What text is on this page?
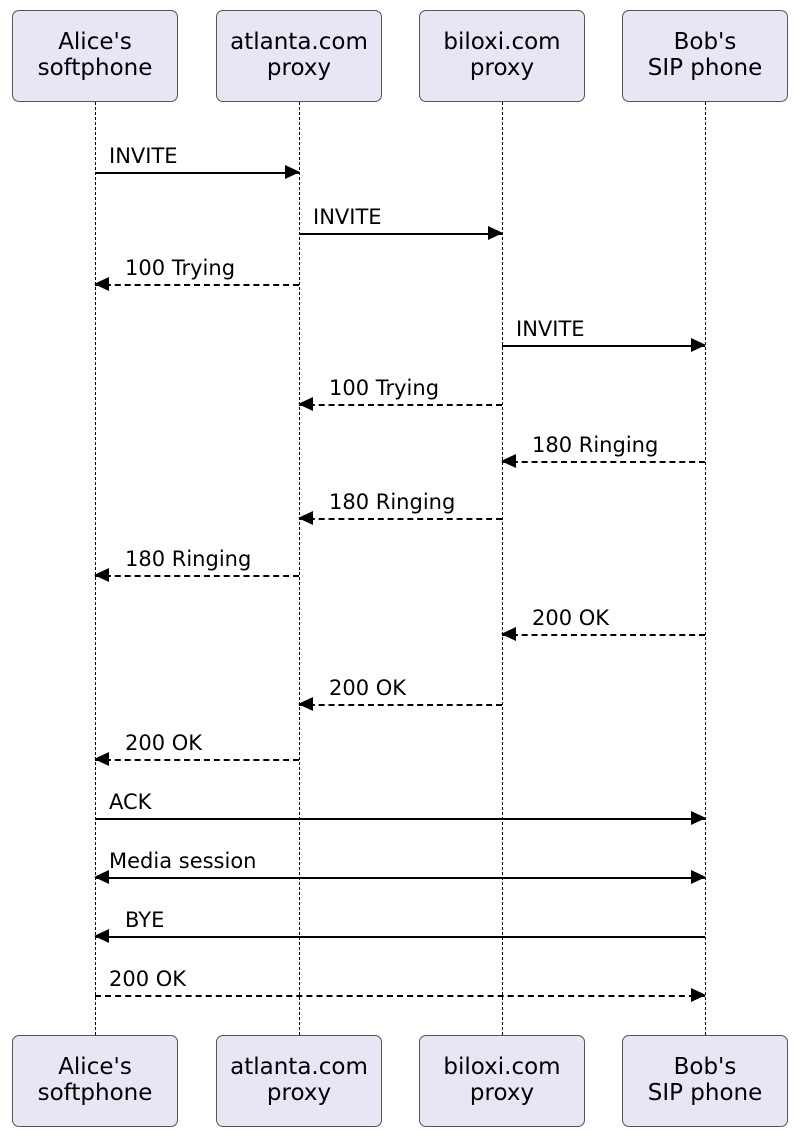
Alice's
softphone
Alice's
softphone
atlanta.com
proxy
atlanta.com
proxy
biloxi.com
proxy
biloxi.com
proxy
Bob's
SIP phone
Bob's
SIP phone
INVITE
INVITE
100 Trying
INVITE
100 Trying
180 Ringing
180 Ringing
180 Ringing
200 OK
200 OK
200 OK
ACK
Media session
BYE
200 OK
